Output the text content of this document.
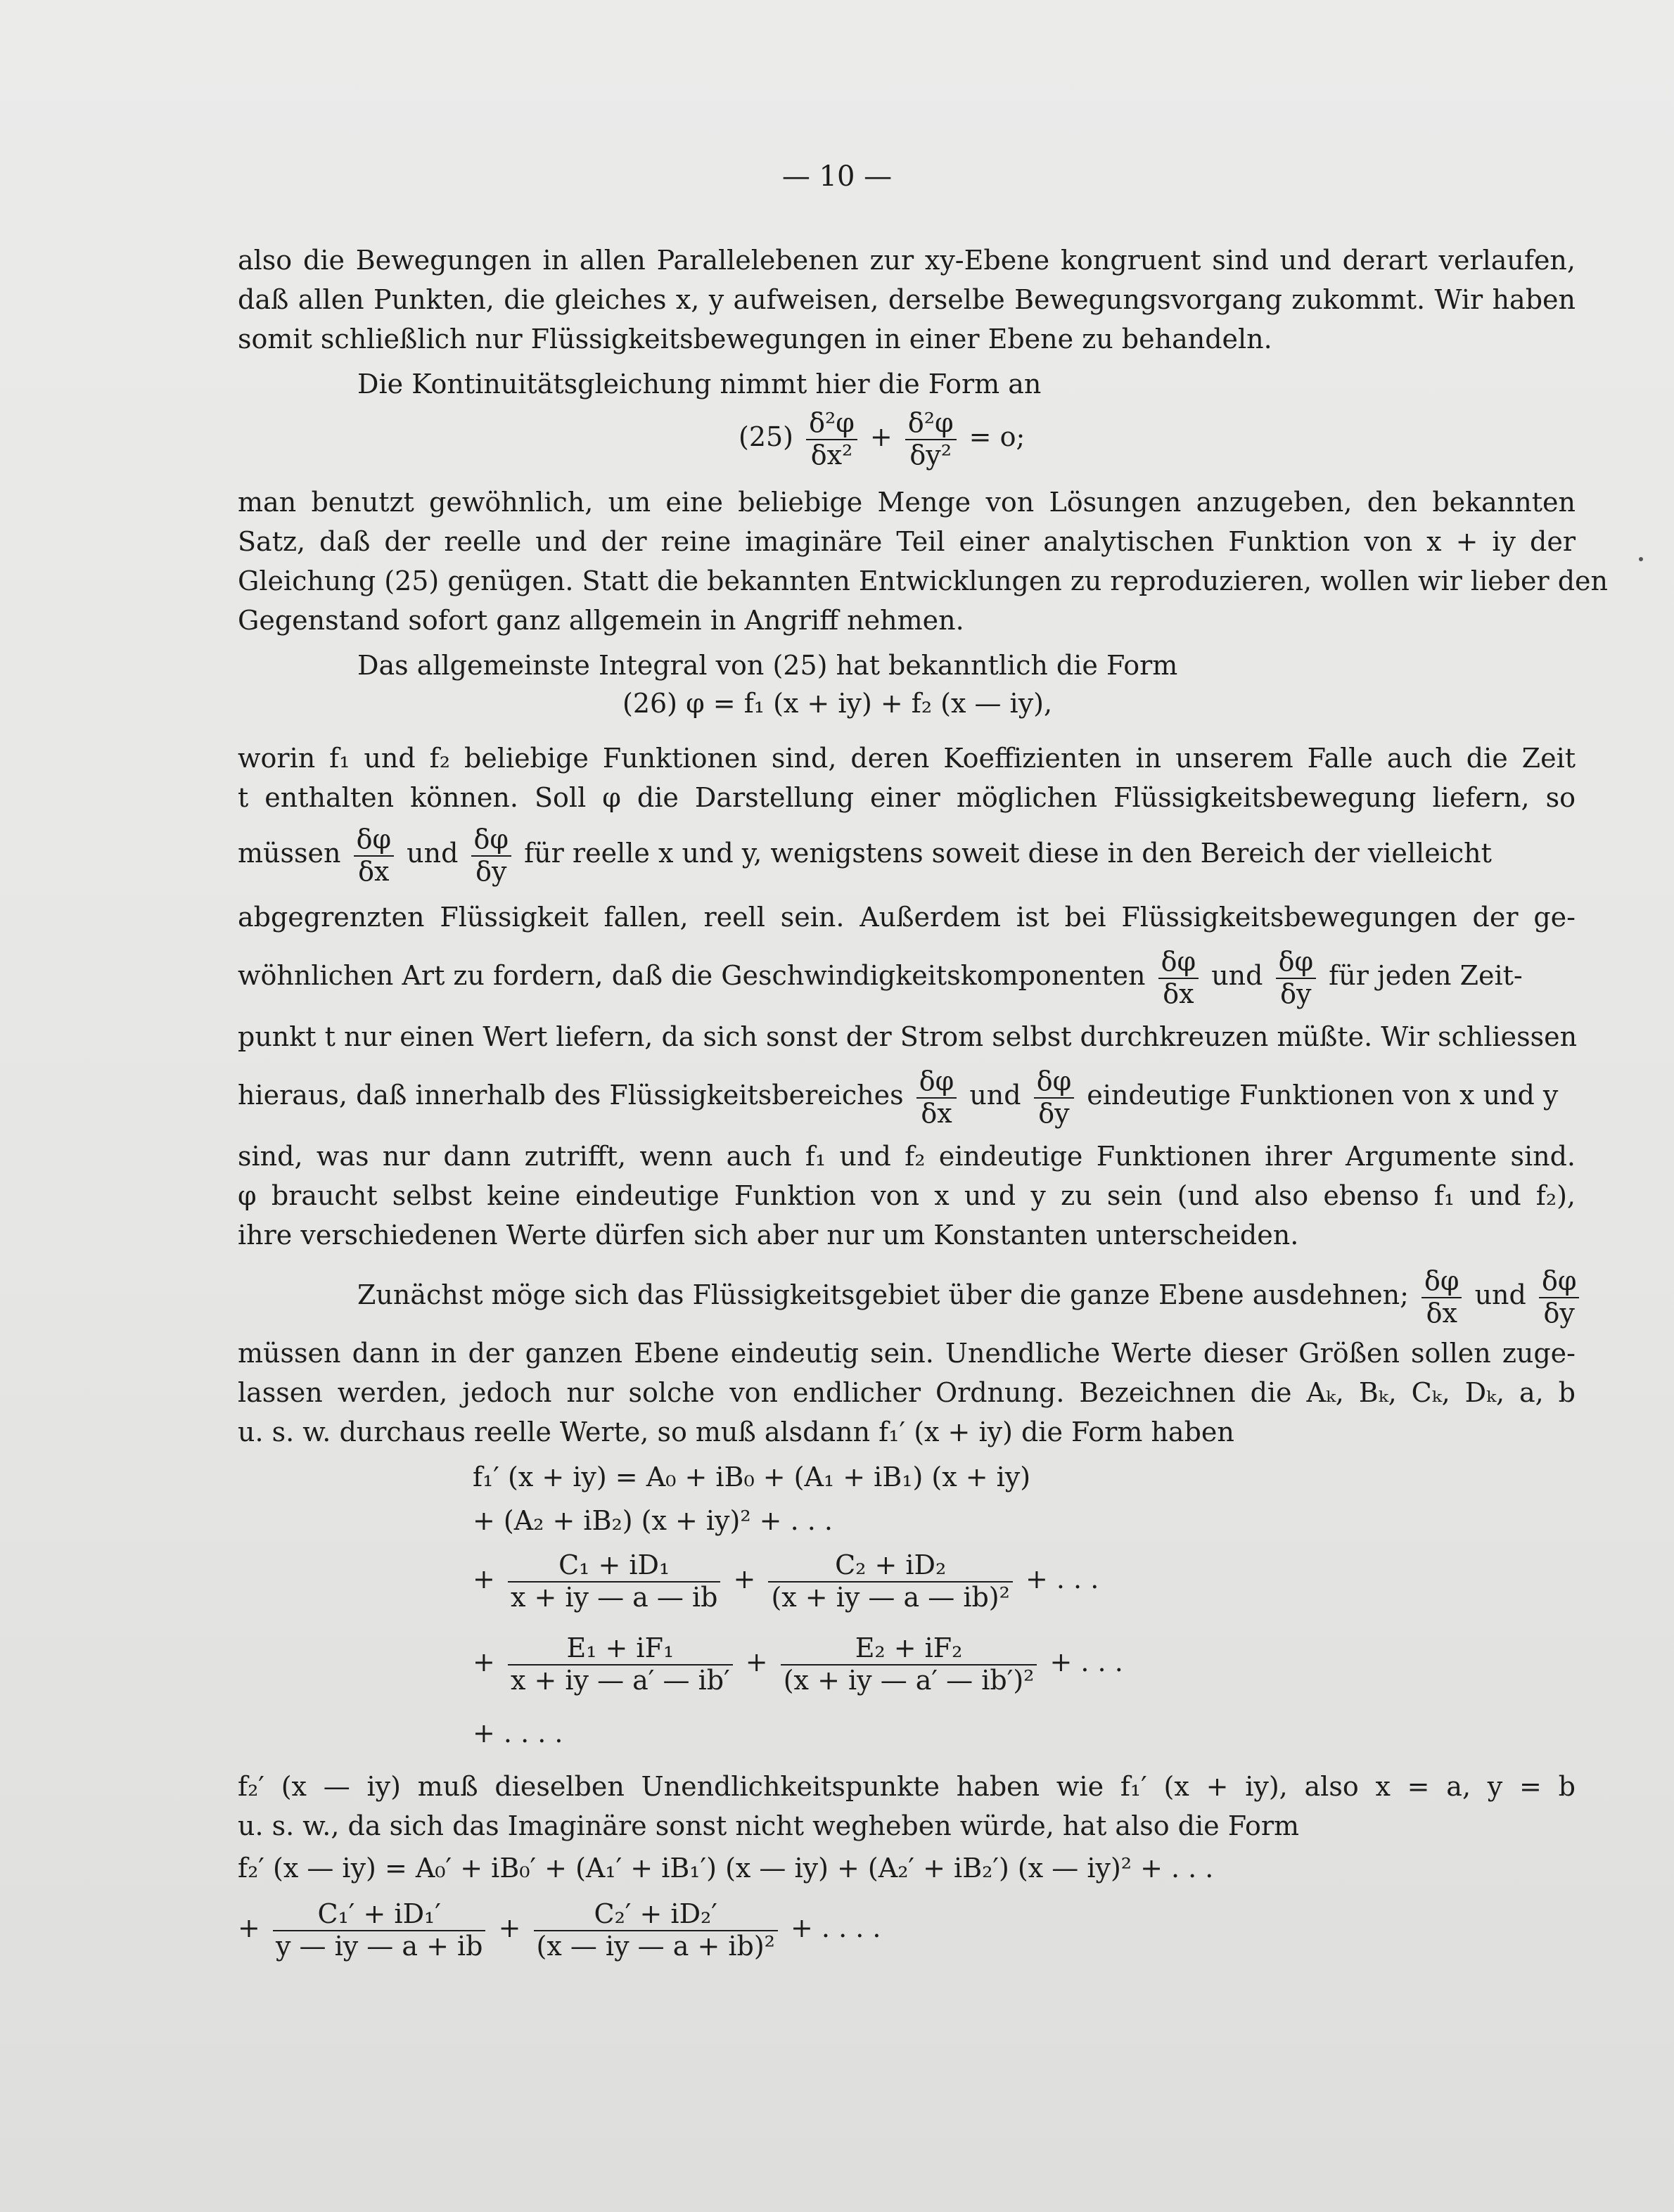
— 10 —
also die Bewegungen in allen Parallelebenen zur xy-Ebene kongruent sind und derart verlaufen,
daß allen Punkten, die gleiches x, y aufweisen, derselbe Bewegungsvorgang zukommt. Wir haben
somit schließlich nur Flüssigkeitsbewegungen in einer Ebene zu behandeln.
Die Kontinuitätsgleichung nimmt hier die Form an
$(25) \frac{\text{δ²φ}}{\text{δx²}} + \frac{\text{δ²φ}}{\text{δy²}} = o$;
man benutzt gewöhnlich, um eine beliebige Menge von Lösungen anzugeben, den bekannten
Satz, daß der reelle und der reine imaginäre Teil einer analytischen Funktion von x + iy der
Gleichung (25) genügen. Statt die bekannten Entwicklungen zu reproduzieren, wollen wir lieber den
Gegenstand sofort ganz allgemein in Angriff nehmen.
Das allgemeinste Integral von (25) hat bekanntlich die Form
(26) φ = f₁ (x + iy) + f₂ (x — iy),
worin f₁ und f₂ beliebige Funktionen sind, deren Koeffizienten in unserem Falle auch die Zeit
t enthalten können. Soll φ die Darstellung einer möglichen Flüssigkeitsbewegung liefern, so
müssen $\frac{\delta\varphi}{\delta x}$ und $\frac{\delta\varphi}{\delta y}$ für reelle x und y, wenigstens soweit diese in den Bereich der vielleicht
abgegrenzten Flüssigkeit fallen, reell sein. Außerdem ist bei Flüssigkeitsbewegungen der ge-
wöhnlichen Art zu fordern, daß die Geschwindigkeitskomponenten $\frac{\delta\varphi}{\delta x}$ und $\frac{\delta\varphi}{\delta y}$ für jeden Zeit-
punkt t nur einen Wert liefern, da sich sonst der Strom selbst durchkreuzen müßte. Wir schliessen
hieraus, daß innerhalb des Flüssigkeitsbereiches $\frac{\delta\varphi}{\delta x}$ und $\frac{\delta\varphi}{\delta y}$ eindeutige Funktionen von x und y
sind, was nur dann zutrifft, wenn auch f₁ und f₂ eindeutige Funktionen ihrer Argumente sind.
φ braucht selbst keine eindeutige Funktion von x und y zu sein (und also ebenso f₁ und f₂),
ihre verschiedenen Werte dürfen sich aber nur um Konstanten unterscheiden.
Zunächst möge sich das Flüssigkeitsgebiet über die ganze Ebene ausdehnen; $\frac{\delta\varphi}{\delta x}$ und $\frac{\delta\varphi}{\delta y}$
müssen dann in der ganzen Ebene eindeutig sein. Unendliche Werte dieser Größen sollen zuge-
lassen werden, jedoch nur solche von endlicher Ordnung. Bezeichnen die Aₖ, Bₖ, Cₖ, Dₖ, a, b
u. s. w. durchaus reelle Werte, so muß alsdann f₁′ (x + iy) die Form haben
f₁′ (x + iy) = A₀ + iB₀ + (A₁ + iB₁) (x + iy)
+ (A₂ + iB₂) (x + iy)² + . . .
+ $\frac{\text{C₁ + iD₁}}{x + iy — a — ib} + \frac{\text{C₂ + iD₂}}{\text{(x + iy — a — ib)²}}$ + . . .
+ $\frac{\text{E₁ + iF₁}}{x + iy — a' — ib'} + \frac{\text{E₂ + iF₂}}{\text{(x + iy — a′ — ib′)²}}$ + . . .
+ . . . .
f₂′ (x — iy) muß dieselben Unendlichkeitspunkte haben wie f₁′ (x + iy), also x = a, y = b
u. s. w., da sich das Imaginäre sonst nicht wegheben würde, hat also die Form
f₂′ (x — iy) = A₀′ + iB₀′ + (A₁′ + iB₁′) (x — iy) + (A₂′ + iB₂′) (x — iy)² + . . .
+ $\frac{\text{C₁′ + iD₁′}}{y — iy — a + ib} + \frac{\text{C₂′ + iD₂′}}{\text{(x — iy — a + ib)²}}$ + . . . .
